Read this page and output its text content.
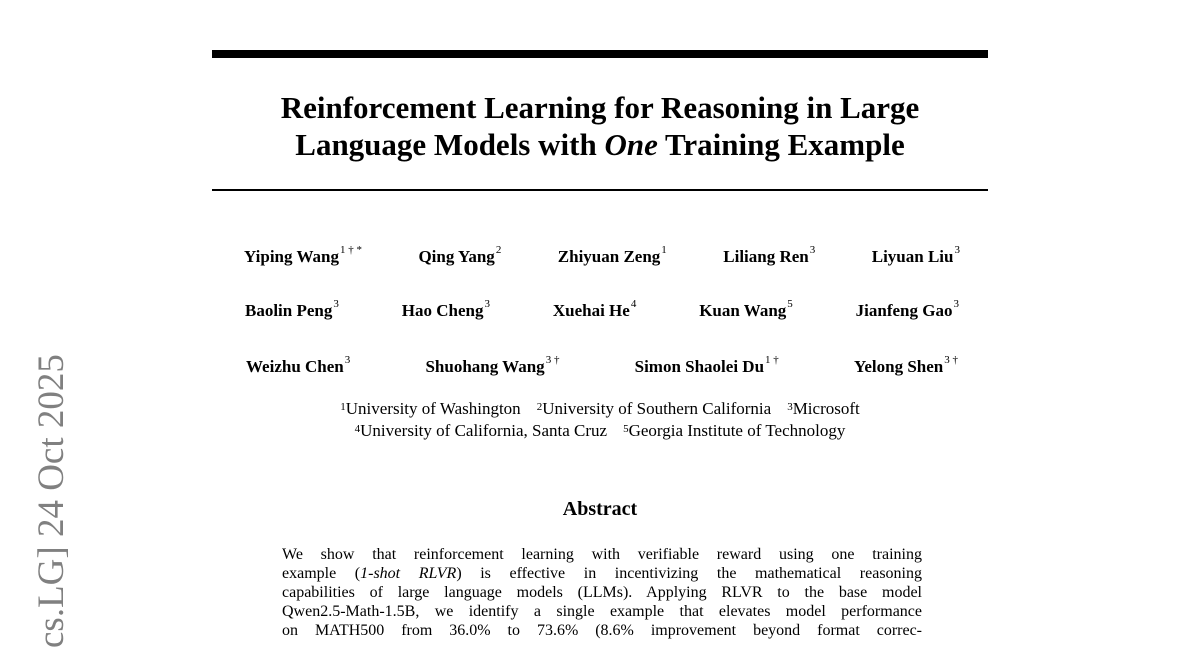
Reinforcement Learning for Reasoning in Large
Language Models with One Training Example
Yiping Wang$^{1 \dagger *}$	Qing Yang$^2$	Zhiyuan Zeng$^1$	Liliang Ren$^3$	Liyuan Liu$^3$
Baolin Peng$^3$	Hao Cheng$^3$	Xuehai He$^4$	Kuan Wang$^5$	Jianfeng Gao$^3$
Weizhu Chen$^3$	Shuohang Wang$^{3 \dagger}$	Simon Shaolei $Du^{1 \dagger}$	Yelong Shen$^{3 \dagger}$
$^1$University of Washington $^2$University of Southern California $^3$Microsoft
$^4$University of California, Santa Cruz $^5$Georgia Institute of Technology
Abstract
We show that reinforcement learning with verifiable reward using one training
example (1-shot RLVR) is effective in incentivizing the mathematical reasoning
capabilities of large language models (LLMs). Applying RLVR to the base model
Qwen2.5-Math-1.5B, we identify a single example that elevates model performance
on MATH500 from 36.0% to 73.6% (8.6% improvement beyond format correc-
cs.LG] 24 Oct 2025
